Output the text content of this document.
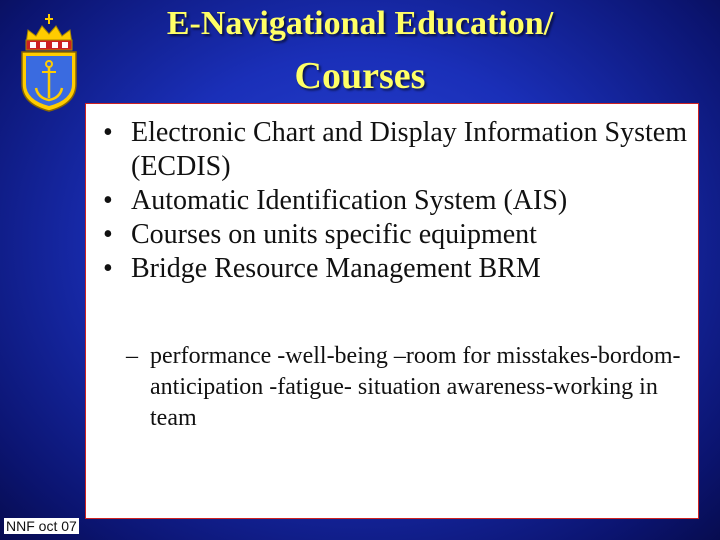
E-Navigational Education/
Courses
• Electronic Chart and Display Information System (ECDIS)
• Automatic Identification System (AIS)
• Courses on units specific equipment
• Bridge Resource Management BRM
– performance -well-being –room for misstakes-bordom-anticipation -fatigue- situation awareness-working in team
NNF oct 07
